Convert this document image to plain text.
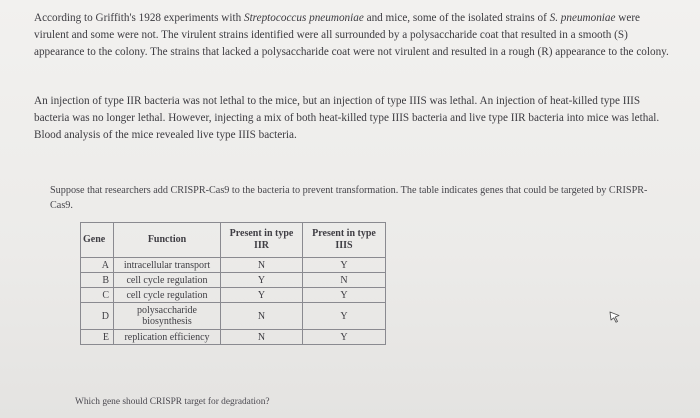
According to Griffith's 1928 experiments with Streptococcus pneumoniae and mice, some of the isolated strains of S. pneumoniae were virulent and some were not. The virulent strains identified were all surrounded by a polysaccharide coat that resulted in a smooth (S) appearance to the colony. The strains that lacked a polysaccharide coat were not virulent and resulted in a rough (R) appearance to the colony.

An injection of type IIR bacteria was not lethal to the mice, but an injection of type IIIS was lethal. An injection of heat-killed type IIIS bacteria was no longer lethal. However, injecting a mix of both heat-killed type IIIS bacteria and live type IIR bacteria into mice was lethal. Blood analysis of the mice revealed live type IIIS bacteria.

Suppose that researchers add CRISPR-Cas9 to the bacteria to prevent transformation. The table indicates genes that could be targeted by CRISPR-Cas9.
Gene	Function	Present in type IIR	Present in type IIIS
A	intracellular transport	N	Y
B	cell cycle regulation	Y	N
C	cell cycle regulation	Y	Y
D	polysaccharide biosynthesis	N	Y
E	replication efficiency	N	Y
Which gene should CRISPR target for degradation?
